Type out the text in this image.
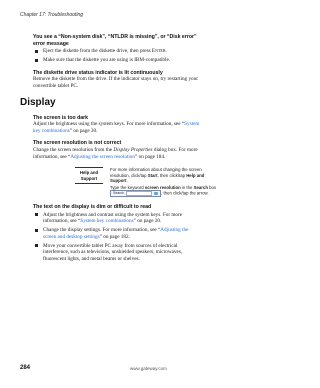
Chapter 17: Troubleshooting
You see a “Non-system disk”, “NTLDR is missing”, or “Disk error”
error message
Eject the diskette from the diskette drive, then press Enter.
Make sure that the diskette you are using is IBM-compatible.
The diskette drive status indicator is lit continuously
Remove the diskette from the drive. If the indicator stays on, try restarting your
convertible tablet PC.
Display
The screen is too dark
Adjust the brightness using the system keys. For more information, see “System
key combinations” on page 30.
The screen resolution is not correct
Change the screen resolution from the Display Properties dialog box. For more
information, see “Adjusting the screen resolution” on page 184.
Help and
Support
For more information about changing the screen
resolution, click/tap Start, then click/tap Help and
Support.
Type the keyword screen resolution in the Search box
Search	, then click/tap the arrow.
The text on the display is dim or difficult to read
Adjust the brightness and contrast using the system keys. For more
information, see “System key combinations” on page 30.
Change the display settings. For more information, see “Adjusting the
screen and desktop settings” on page 182.
Move your convertible tablet PC away from sources of electrical
interference, such as televisions, unshielded speakers, microwaves,
fluorescent lights, and metal beams or shelves.
284	www.gateway.com
